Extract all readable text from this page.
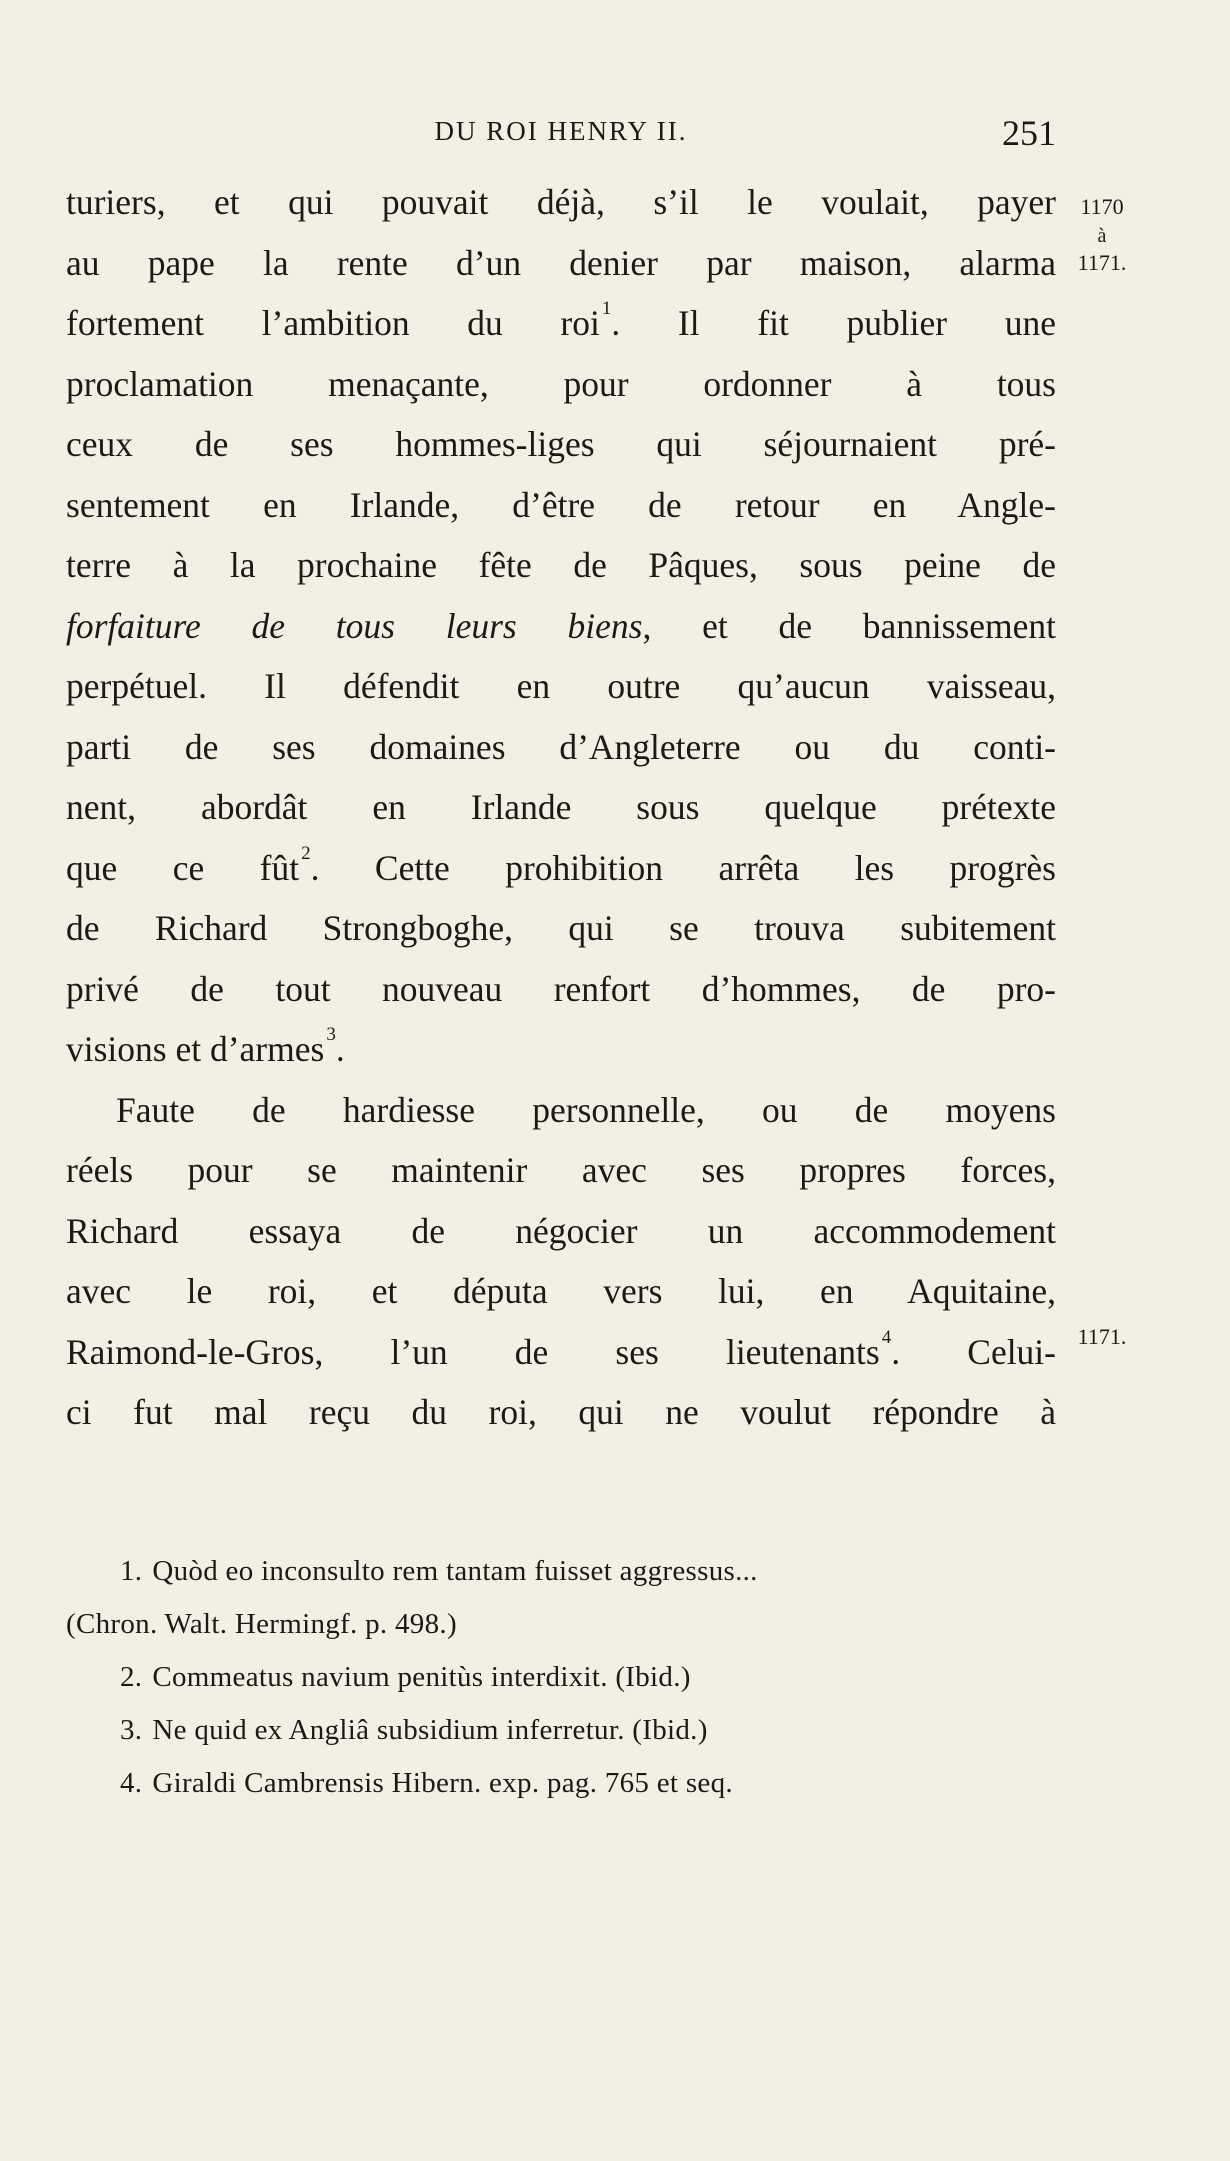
DU ROI HENRY II.	251
1170
à
1171.
1171.
turiers, et qui pouvait déjà, s’il le voulait, payer
au pape la rente d’un denier par maison, alarma
fortement l’ambition du roi $^1$. Il fit publier une
proclamation menaçante, pour ordonner à tous
ceux de ses hommes-liges qui séjournaient pré-
sentement en Irlande, d’être de retour en Angle-
terre à la prochaine fête de Pâques, sous peine de
forfaiture de tous leurs biens, et de bannissement
perpétuel. Il défendit en outre qu’aucun vaisseau,
parti de ses domaines d’Angleterre ou du conti-
nent, abordât en Irlande sous quelque prétexte
que ce fût $^2$. Cette prohibition arrêta les progrès
de Richard Strongboghe, qui se trouva subitement
privé de tout nouveau renfort d’hommes, de pro-
visions et d’armes $^3$.
Faute de hardiesse personnelle, ou de moyens
réels pour se maintenir avec ses propres forces,
Richard essaya de négocier un accommodement
avec le roi, et députa vers lui, en Aquitaine,
Raimond-le-Gros, l’un de ses lieutenants $^4$. Celui-
ci fut mal reçu du roi, qui ne voulut répondre à
1. Quòd eo inconsulto rem tantam fuisset aggressus...
(Chron. Walt. Hermingf. p. 498.)
2. Commeatus navium penitùs interdixit. (Ibid.)
3. Ne quid ex Angliâ subsidium inferretur. (Ibid.)
4. Giraldi Cambrensis Hibern. exp. pag. 765 et seq.
